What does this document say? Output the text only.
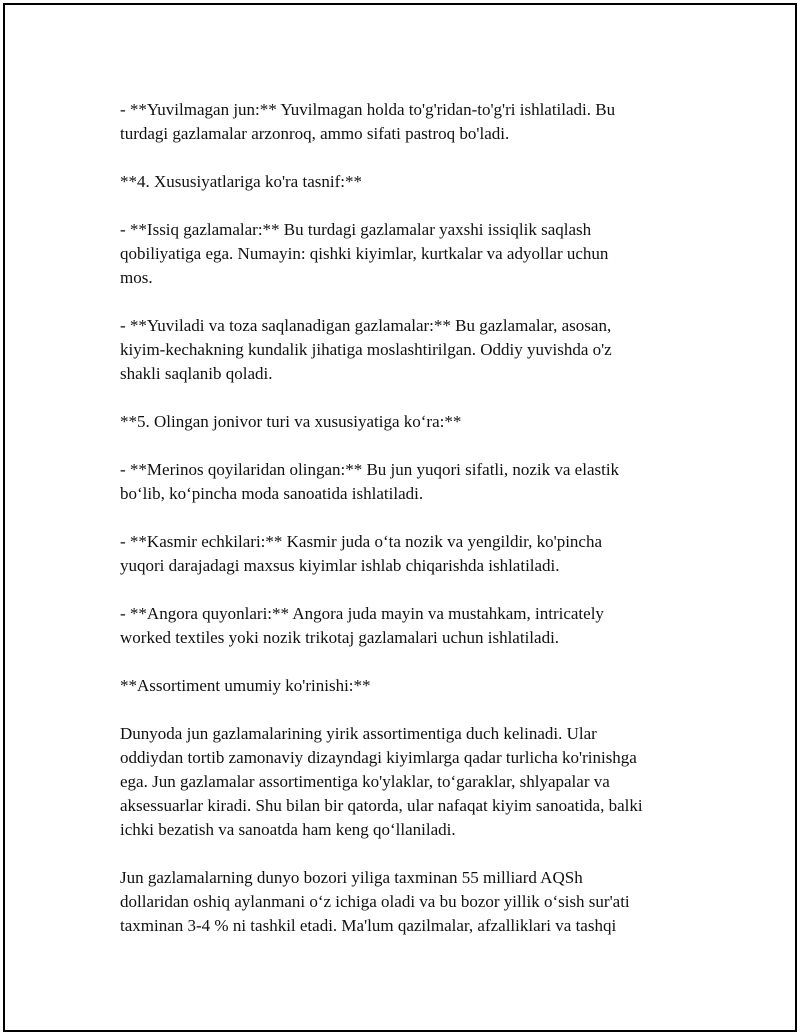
- **Yuvilmagan jun:** Yuvilmagan holda to'g'ridan-to'g'ri ishlatiladi. Bu
turdagi gazlamalar arzonroq, ammo sifati pastroq bo'ladi.

**4. Xususiyatlariga ko'ra tasnif:**

- **Issiq gazlamalar:** Bu turdagi gazlamalar yaxshi issiqlik saqlash
qobiliyatiga ega. Numayin: qishki kiyimlar, kurtkalar va adyollar uchun
mos.

- **Yuviladi va toza saqlanadigan gazlamalar:** Bu gazlamalar, asosan,
kiyim-kechakning kundalik jihatiga moslashtirilgan. Oddiy yuvishda o'z
shakli saqlanib qoladi.

**5. Olingan jonivor turi va xususiyatiga koʻra:**

- **Merinos qoyilaridan olingan:** Bu jun yuqori sifatli, nozik va elastik
boʻlib, koʻpincha moda sanoatida ishlatiladi.

- **Kasmir echkilari:** Kasmir juda oʻta nozik va yengildir, ko'pincha
yuqori darajadagi maxsus kiyimlar ishlab chiqarishda ishlatiladi.

- **Angora quyonlari:** Angora juda mayin va mustahkam, intricately
worked textiles yoki nozik trikotaj gazlamalari uchun ishlatiladi.

**Assortiment umumiy ko'rinishi:**

Dunyoda jun gazlamalarining yirik assortimentiga duch kelinadi. Ular
oddiydan tortib zamonaviy dizayndagi kiyimlarga qadar turlicha ko'rinishga
ega. Jun gazlamalar assortimentiga ko'ylaklar, toʻgaraklar, shlyapalar va
aksessuarlar kiradi. Shu bilan bir qatorda, ular nafaqat kiyim sanoatida, balki
ichki bezatish va sanoatda ham keng qoʻllaniladi.

Jun gazlamalarning dunyo bozori yiliga taxminan 55 milliard AQSh
dollaridan oshiq aylanmani oʻz ichiga oladi va bu bozor yillik oʻsish sur'ati
taxminan 3-4 % ni tashkil etadi. Ma'lum qazilmalar, afzalliklari va tashqi
